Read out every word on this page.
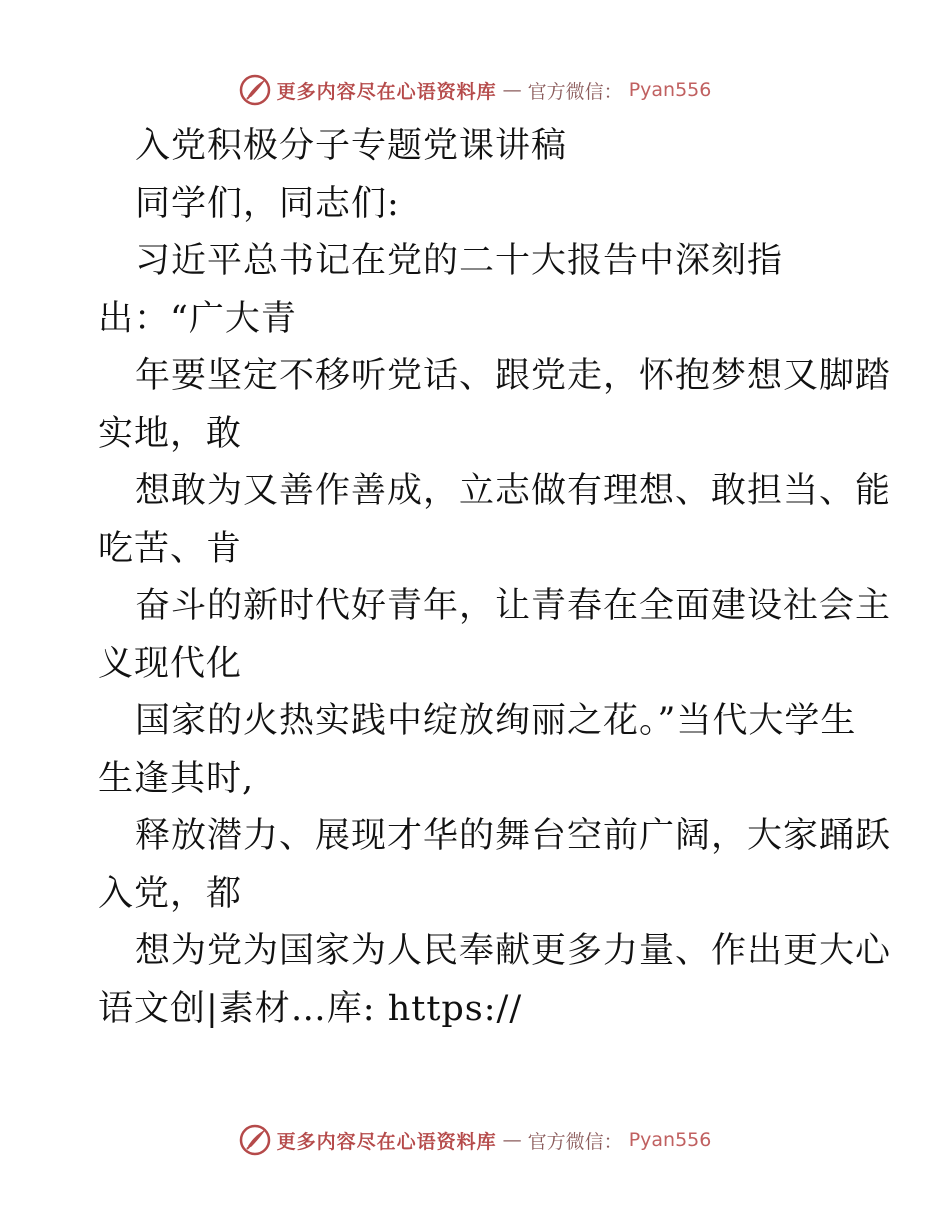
更多内容尽在心语资料库 — 官方微信： Pyan556
入党积极分子专题党课讲稿
同学们，同志们:
习近平总书记在党的二十大报告中深刻指
出：“广大青
年要坚定不移听党话、跟党走，怀抱梦想又脚踏
实地，敢
想敢为又善作善成，立志做有理想、敢担当、能
吃苦、肯
奋斗的新时代好青年，让青春在全面建设社会主
义现代化
国家的火热实践中绽放绚丽之花。”当代大学生
生逢其时,
释放潜力、展现才华的舞台空前广阔，大家踊跃
入党，都
想为党为国家为人民奉献更多力量、作出更大心
语文创|素材…库: https://
更多内容尽在心语资料库 — 官方微信： Pyan556
